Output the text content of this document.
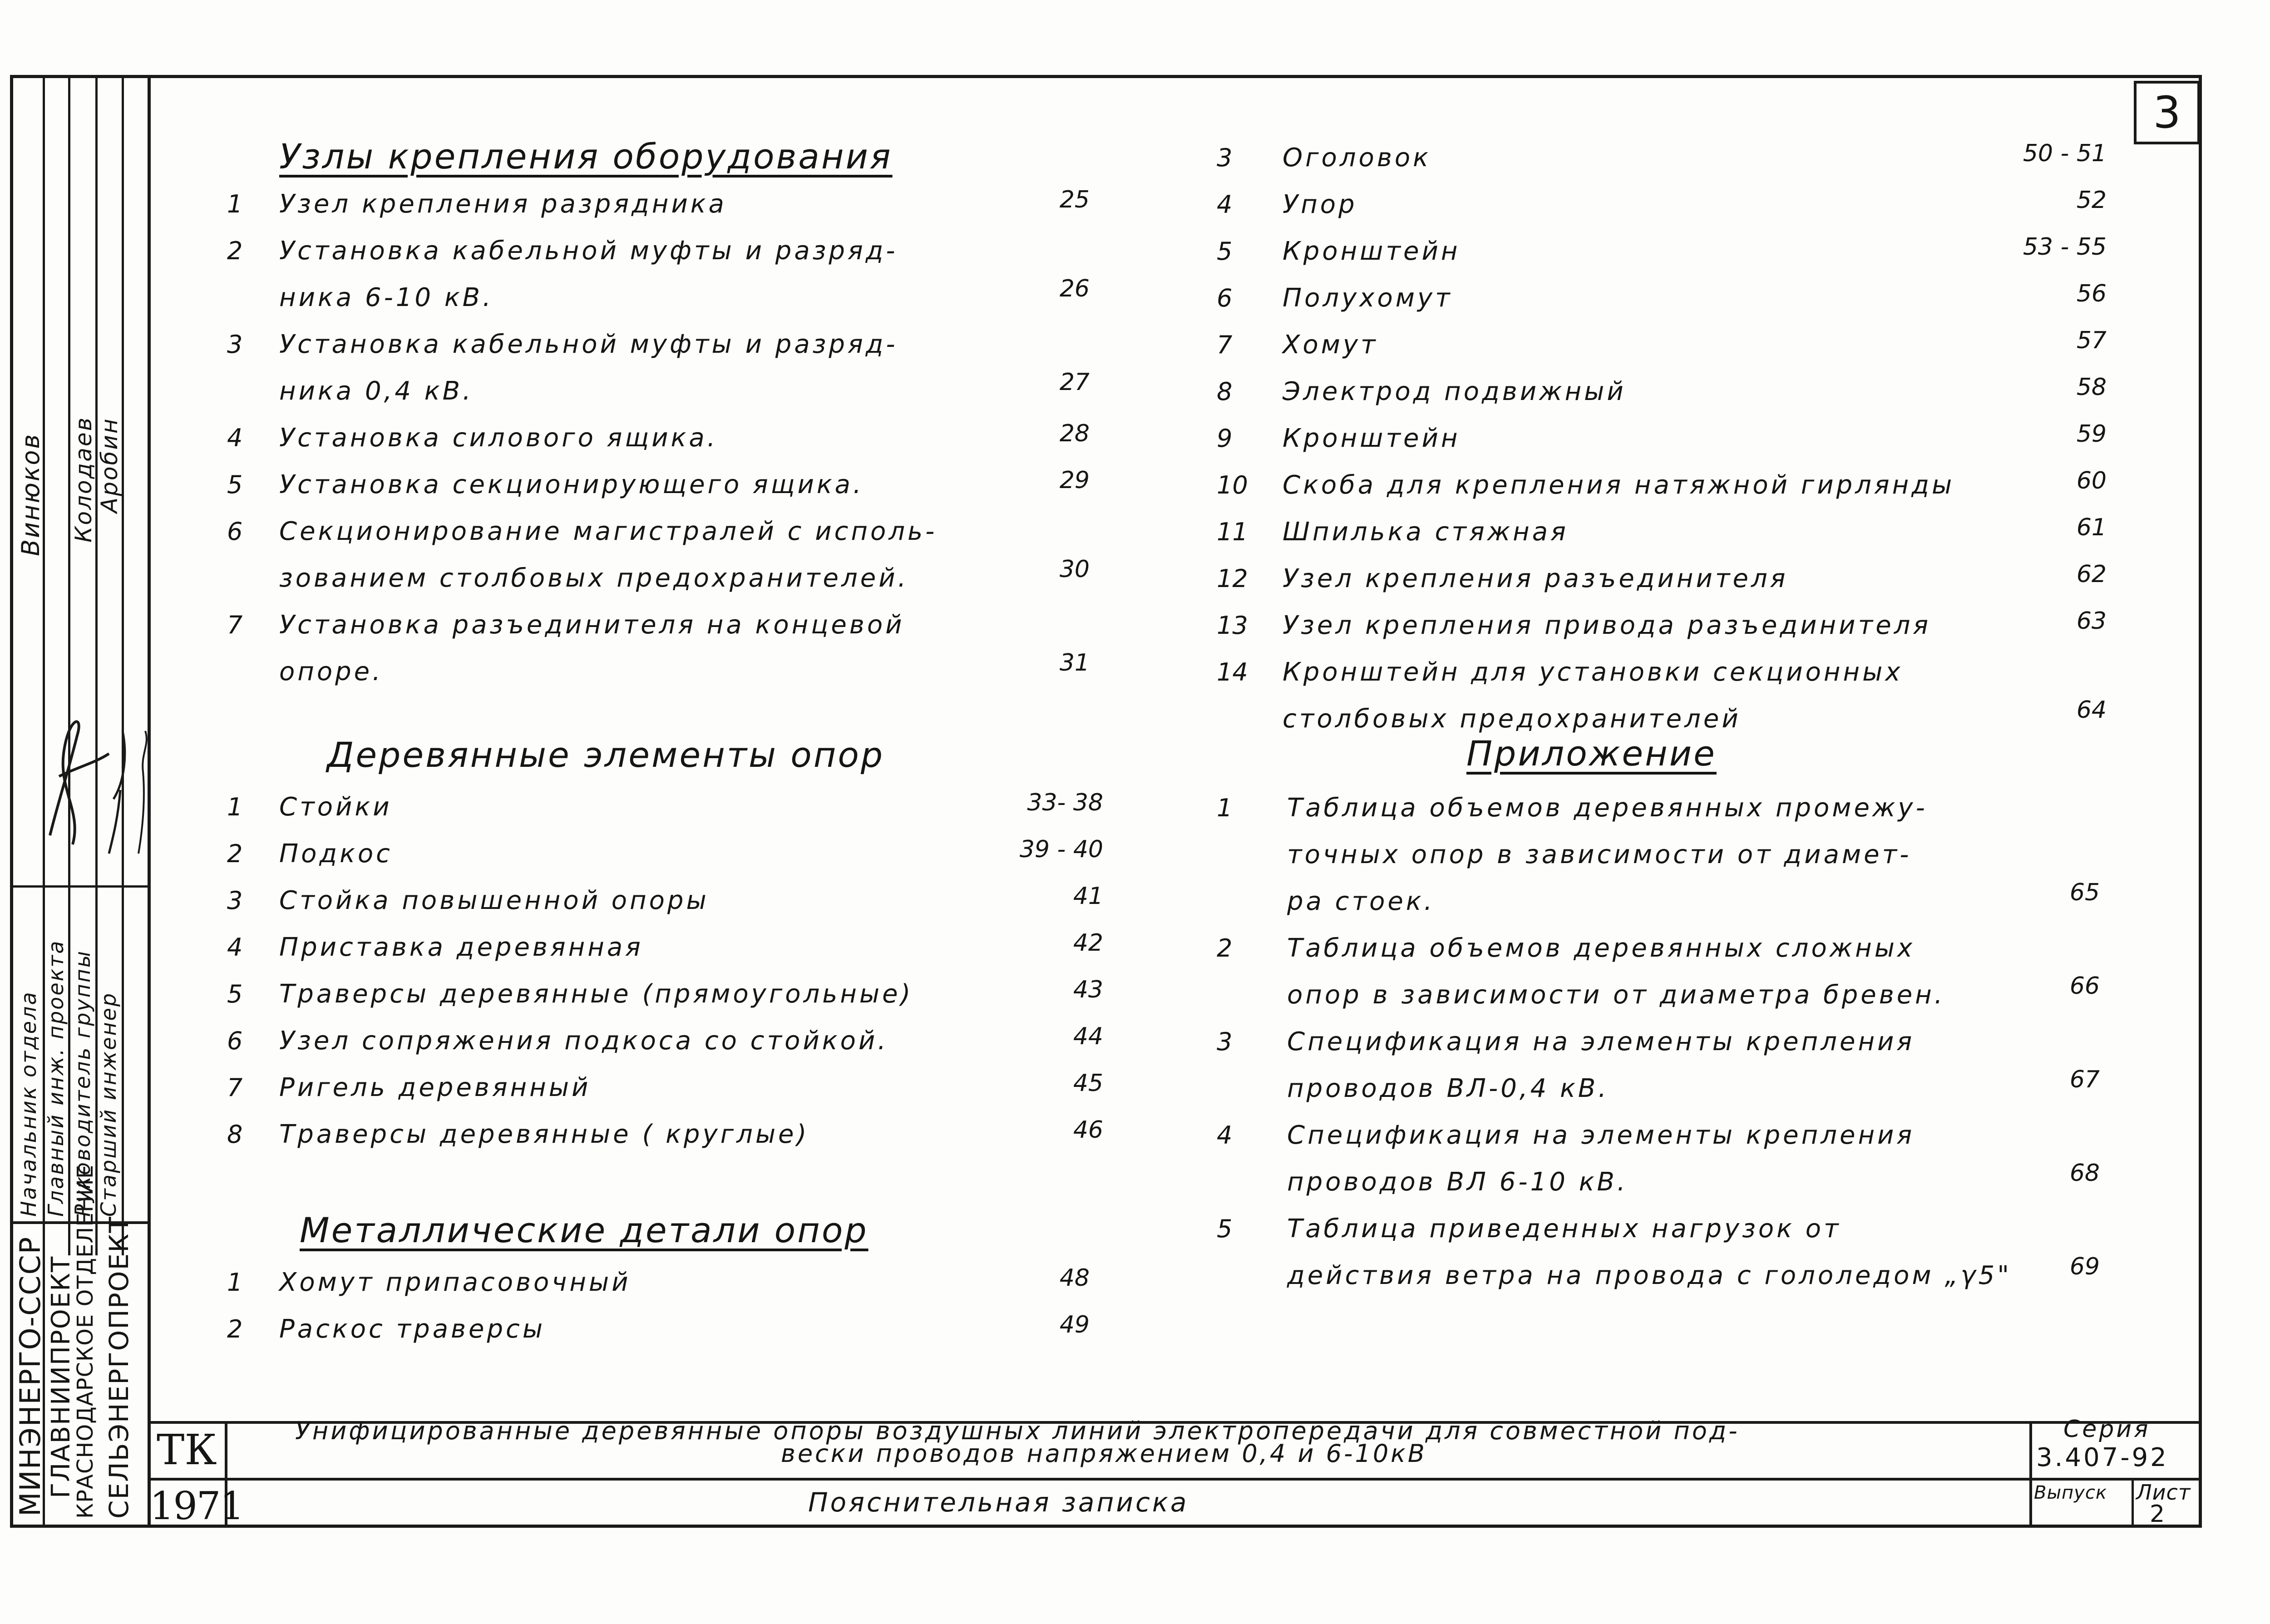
3
Начальник отдела Главный инж. проекта Руководитель группы Старший инженер
Винюков Колодаев Аробин
МИНЭНЕРГО-СССР ГЛАВНИИПРОЕКТ
КРАСНОДАРСКОЕ ОТДЕЛЕНИЕ СЕЛЬЭНЕРГОПРОЕКТ
Узлы крепления оборудования
1 Узел крепления разрядника	25
2 Установка кабельной муфты и разряд-
ника 6-10 кВ.	26
3 Установка кабельной муфты и разряд-
ника 0,4 кВ.	27
4 Установка силового ящика.	28
5 Установка секционирующего ящика.	29
6 Секционирование магистралей с исполь-
зованием столбовых предохранителей.	30
7 Установка разъединителя на концевой
опоре.	31
Деревянные элементы опор
1 Стойки	33- 38
2 Подкос	39 - 40
3 Стойка повышенной опоры	41
4 Приставка деревянная	42
5 Траверсы деревянные (прямоугольные)	43
6 Узел сопряжения подкоса со стойкой.	44
7 Ригель деревянный	45
8 Траверсы деревянные ( круглые)	46
Металлические детали опор
1 Хомут припасовочный	48
2 Раскос траверсы	49
3 Оголовок	50 - 51
4 Упор	52
5 Кронштейн	53 - 55
6 Полухомут	56
7 Хомут	57
8 Электрод подвижный	58
9 Кронштейн	59
10 Скоба для крепления натяжной гирлянды	60
11 Шпилька стяжная	61
12 Узел крепления разъединителя	62
13 Узел крепления привода разъединителя	63
14 Кронштейн для установки секционных
столбовых предохранителей	64
Приложение
1 Таблица объемов деревянных промежу-
точных опор в зависимости от диамет-
ра стоек.	65
2 Таблица объемов деревянных сложных
опор в зависимости от диаметра бревен.	66
3 Спецификация на элементы крепления
проводов ВЛ-0,4 кВ.	67
4 Спецификация на элементы крепления
проводов ВЛ 6-10 кВ.	68
5 Таблица приведенных нагрузок от
действия ветра на провода с гололедом „γ5"	69
ТК
1971
Унифицированные деревянные опоры воздушных линий электропередачи для совместной под-
вески проводов напряжением 0,4 и 6-10кВ
Пояснительная записка
Серия
3.407-92
Выпуск Лист
2
